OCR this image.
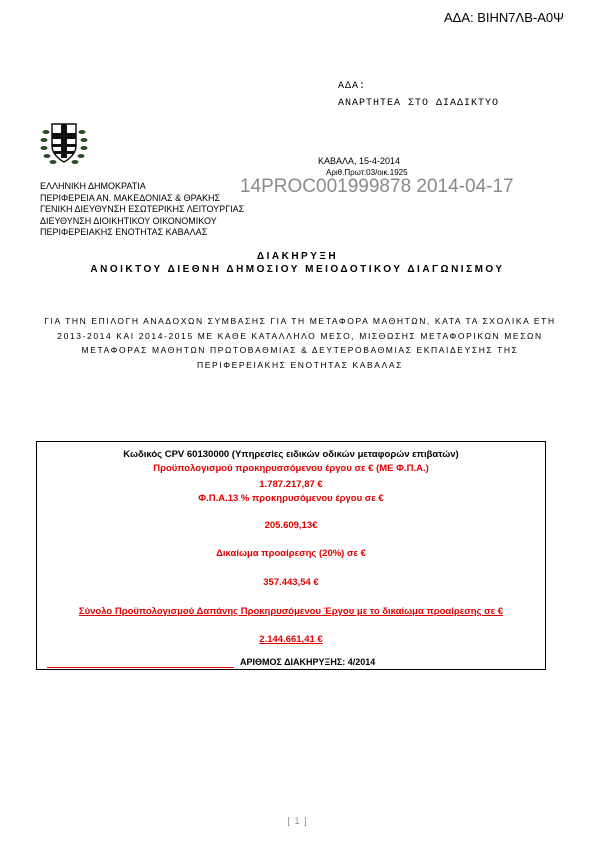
ΑΔΑ: ΒΙΗΝ7ΛΒ-Α0Ψ
ΑΔΑ:
ΑΝΑΡΤΗΤΕΑ ΣΤΟ ΔΙΑΔΙΚΤΥΟ
ΚΑΒΑΛΑ, 15-4-2014
Αριθ.Πρωτ:03/οικ.1925
14PROC001999878 2014-04-17
ΕΛΛΗΝΙΚΗ ΔΗΜΟΚΡΑΤΙΑ
ΠΕΡΙΦΕΡΕΙΑ ΑΝ. ΜΑΚΕΔΟΝΙΑΣ & ΘΡΑΚΗΣ
ΓΕΝΙΚΗ ΔΙΕΥΘΥΝΣΗ ΕΣΩΤΕΡΙΚΗΣ ΛΕΙΤΟΥΡΓΙΑΣ
ΔΙΕΥΘΥΝΣΗ ΔΙΟΙΚΗΤΙΚΟΥ ΟΙΚΟΝΟΜΙΚΟΥ
ΠΕΡΙΦΕΡΕΙΑΚΗΣ ΕΝΟΤΗΤΑΣ ΚΑΒΑΛΑΣ
ΔΙΑΚΗΡΥΞΗ
ΑΝΟΙΚΤΟΥ ΔΙΕΘΝΗ ΔΗΜΟΣΙΟΥ ΜΕΙΟΔΟΤΙΚΟΥ ΔΙΑΓΩΝΙΣΜΟΥ
ΓΙΑ ΤΗΝ ΕΠΙΛΟΓΗ ΑΝΑΔΟΧΩΝ ΣΥΜΒΑΣΗΣ ΓΙΑ ΤΗ ΜΕΤΑΦΟΡΑ ΜΑΘΗΤΩΝ, ΚΑΤΑ ΤΑ ΣΧΟΛΙΚΑ ΕΤΗ 2013-2014 ΚΑΙ 2014-2015 ΜΕ ΚΑΘΕ ΚΑΤΑΛΛΗΛΟ ΜΕΣΟ, ΜΙΣΘΩΣΗΣ ΜΕΤΑΦΟΡΙΚΩΝ ΜΕΣΩΝ ΜΕΤΑΦΟΡΑΣ ΜΑΘΗΤΩΝ ΠΡΩΤΟΒΑΘΜΙΑΣ & ΔΕΥΤΕΡΟΒΑΘΜΙΑΣ ΕΚΠΑΙΔΕΥΣΗΣ ΤΗΣ ΠΕΡΙΦΕΡΕΙΑΚΗΣ ΕΝΟΤΗΤΑΣ ΚΑΒΑΛΑΣ
Κωδικός CPV 60130000 (Υπηρεσίες ειδικών οδικών μεταφορών επιβατών)
Προϋπολογισμού προκηρυσσόμενου έργου σε € (ΜΕ Φ.Π.Α.)
1.787.217,87 €
Φ.Π.Α.13 % προκηρυσόμενου έργου σε €
205.609,13€
Δικαίωμα προαίρεσης (20%) σε €
357.443,54 €
Σύνολο Προϋπολογισμού Δαπάνης Προκηρυσόμενου Έργου με το δικαίωμα προαίρεσης σε €
2.144.661,41 €
ΑΡΙΘΜΟΣ ΔΙΑΚΗΡΥΞΗΣ: 4/2014
[ 1 ]
